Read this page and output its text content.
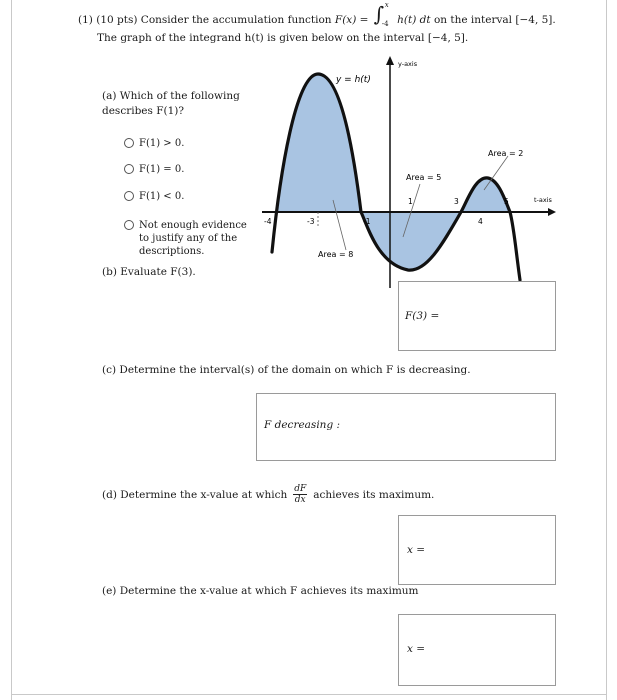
(1) (10 pts) Consider the accumulation function F(x) = ∫ x
-4 h(t) dt on the interval [−4, 5].
The graph of the integrand h(t) is given below on the interval [−4, 5].
(a) Which of the following describes F(1)?
F(1) > 0.
F(1) = 0.
F(1) < 0.
Not enough evidence to justify any of the descriptions.
(b) Evaluate F(3).
y-axis
t-axis
y = h(t)
-4	-3	-1
1	3
4
5
Area = 8
Area = 5
Area = 2
F(3) =
(c) Determine the interval(s) of the domain on which F is decreasing.
F decreasing :
(d) Determine the x-value at which $\frac{dF}{dx}$ achieves its maximum.
x =
(e) Determine the x-value at which F achieves its maximum
x =
